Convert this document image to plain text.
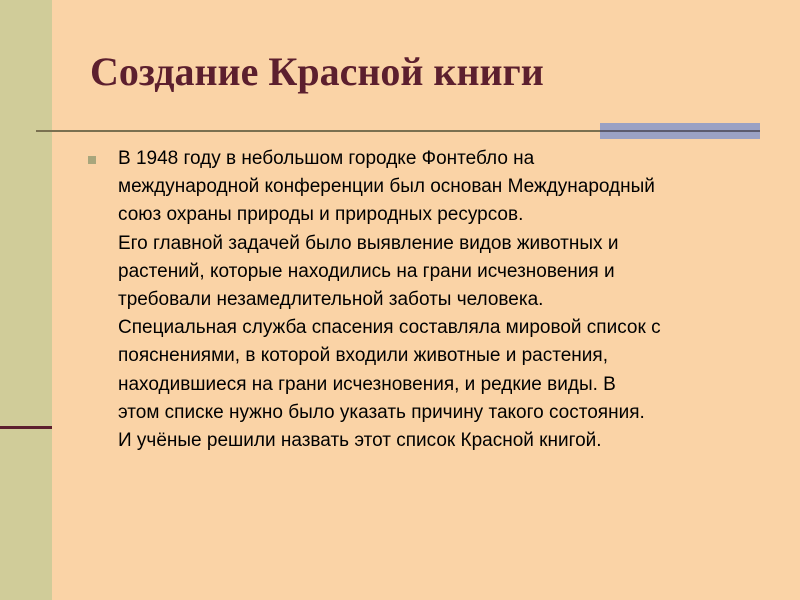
Создание Красной книги

В 1948 году в небольшом городке Фонтебло на
международной конференции был основан Международный
союз охраны природы и природных ресурсов.

Его главной задачей было выявление видов животных и
растений, которые находились на грани исчезновения и
требовали незамедлительной заботы человека.
Специальная служба спасения составляла мировой список с
пояснениями, в которой входили животные и растения,
находившиеся на грани исчезновения, и редкие виды. В
этом списке нужно было указать причину такого состояния.
И учёные решили назвать этот список Красной книгой.
